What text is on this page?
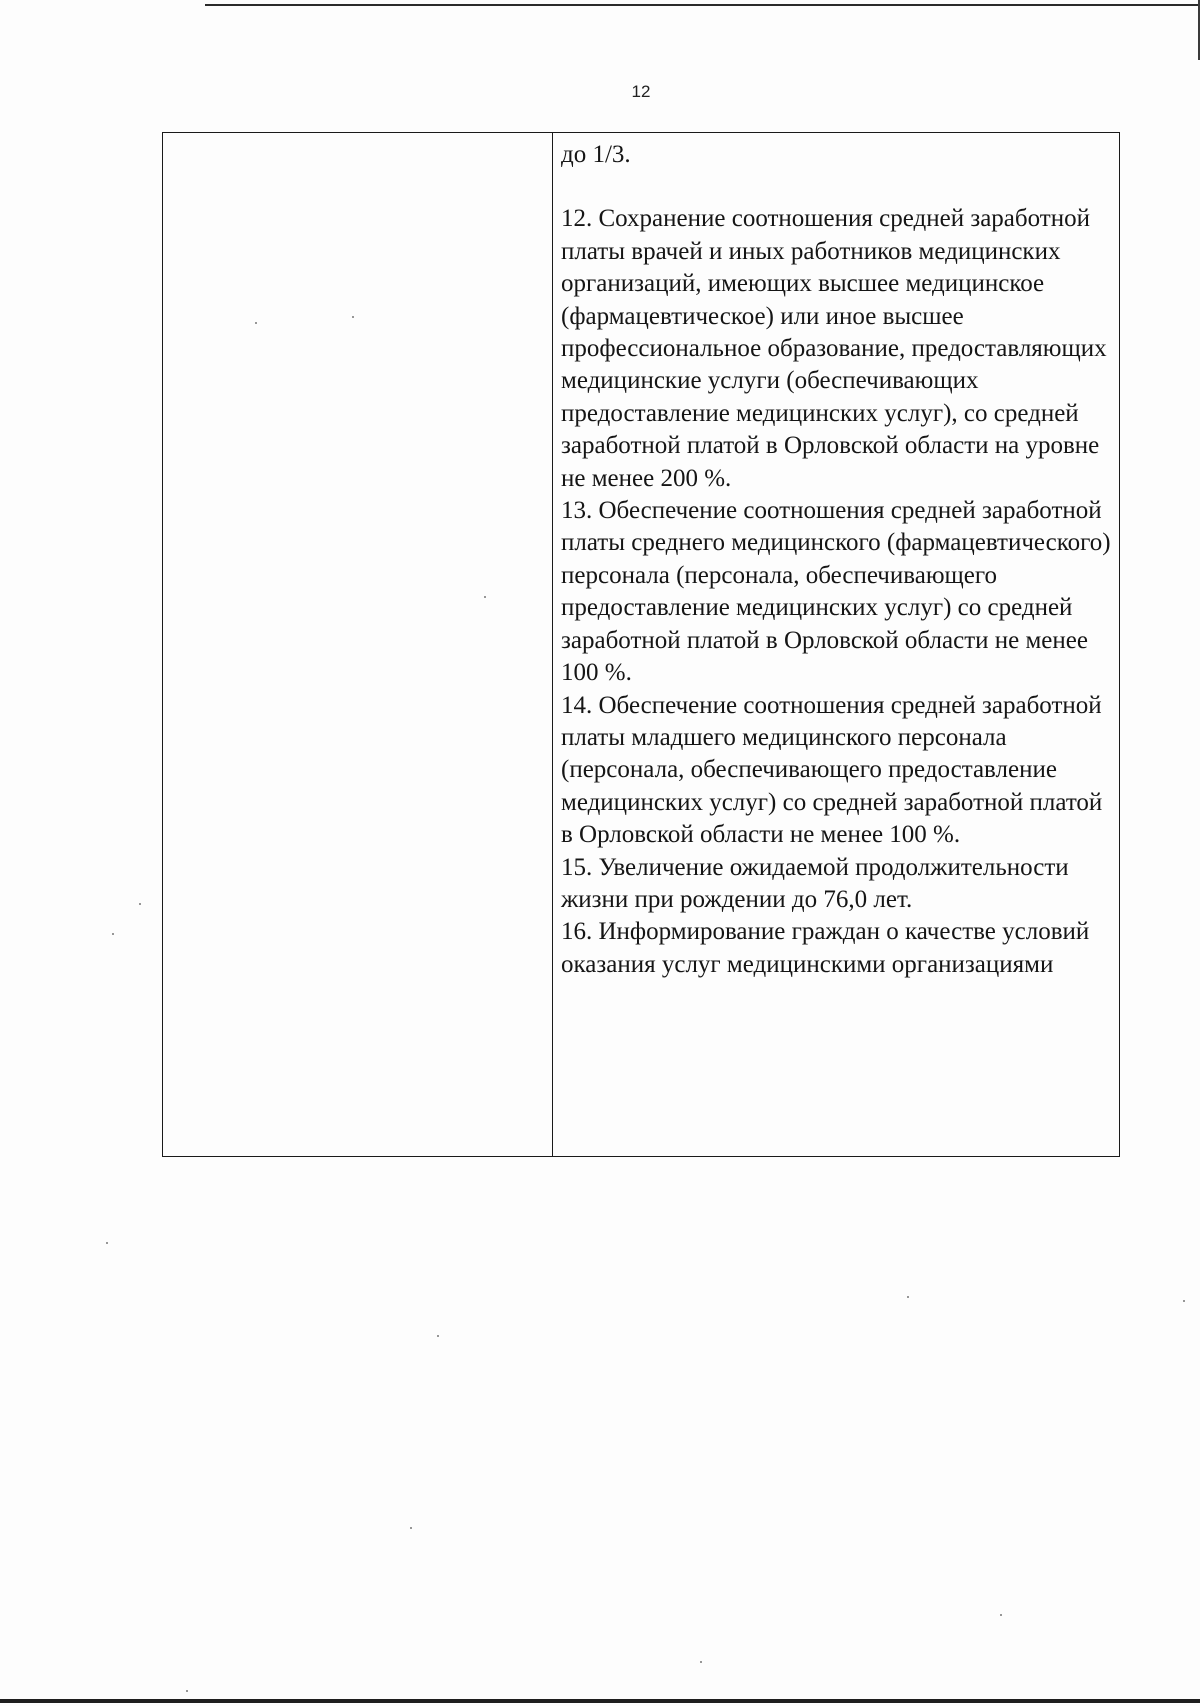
12

до 1/3.

12. Сохранение соотношения средней заработной платы врачей и иных работников медицинских организаций, имеющих высшее медицинское (фармацевтическое) или иное высшее профессиональное образование, предоставляющих медицинские услуги (обеспечивающих предоставление медицинских услуг), со средней заработной платой в Орловской области на уровне не менее 200 %.

13. Обеспечение соотношения средней заработной платы среднего медицинского (фармацевтического) персонала (персонала, обеспечивающего предоставление медицинских услуг) со средней заработной платой в Орловской области не менее 100 %.

14. Обеспечение соотношения средней заработной платы младшего медицинского персонала (персонала, обеспечивающего предоставление медицинских услуг) со средней заработной платой в Орловской области не менее 100 %.

15. Увеличение ожидаемой продолжительности жизни при рождении до 76,0 лет.

16. Информирование граждан о качестве условий оказания услуг медицинскими организациями
